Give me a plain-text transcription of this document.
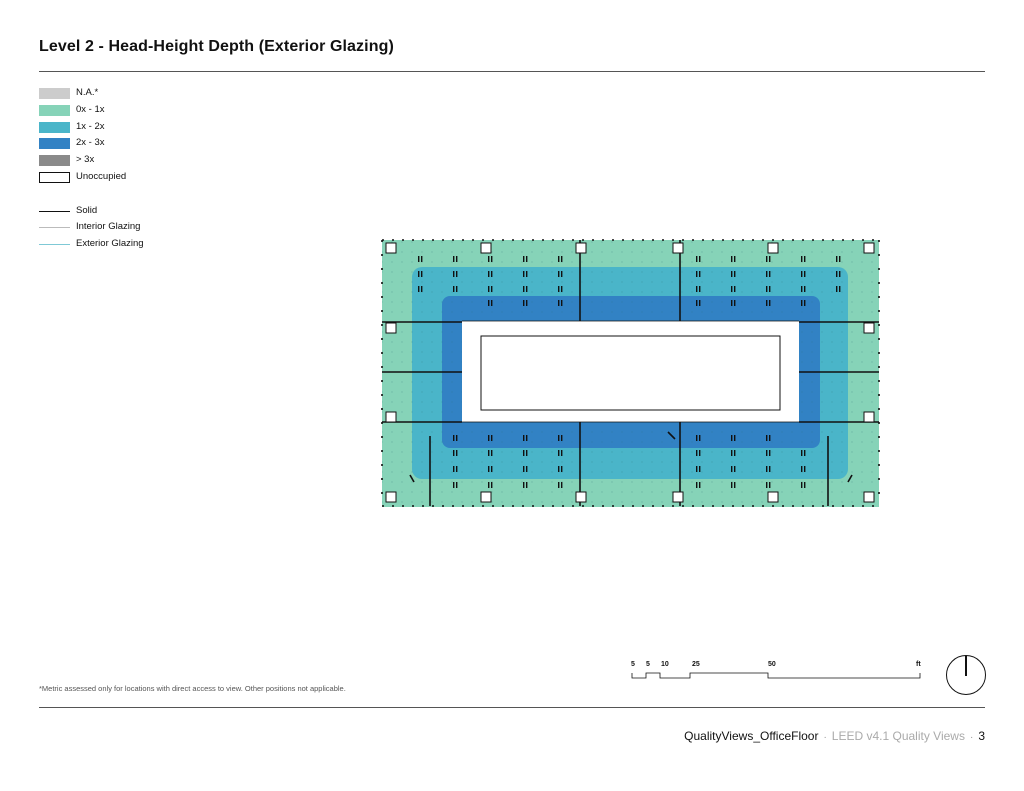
Level 2 - Head-Height Depth (Exterior Glazing)
N.A.*
0x - 1x
1x - 2x
2x - 3x
> 3x
Unoccupied
Solid
Interior Glazing
Exterior Glazing
*Metric assessed only for locations with direct access to view. Other positions not applicable.
5 5 10	25	50	ft
QualityViews_OfficeFloor · LEED v4.1 Quality Views · 3
